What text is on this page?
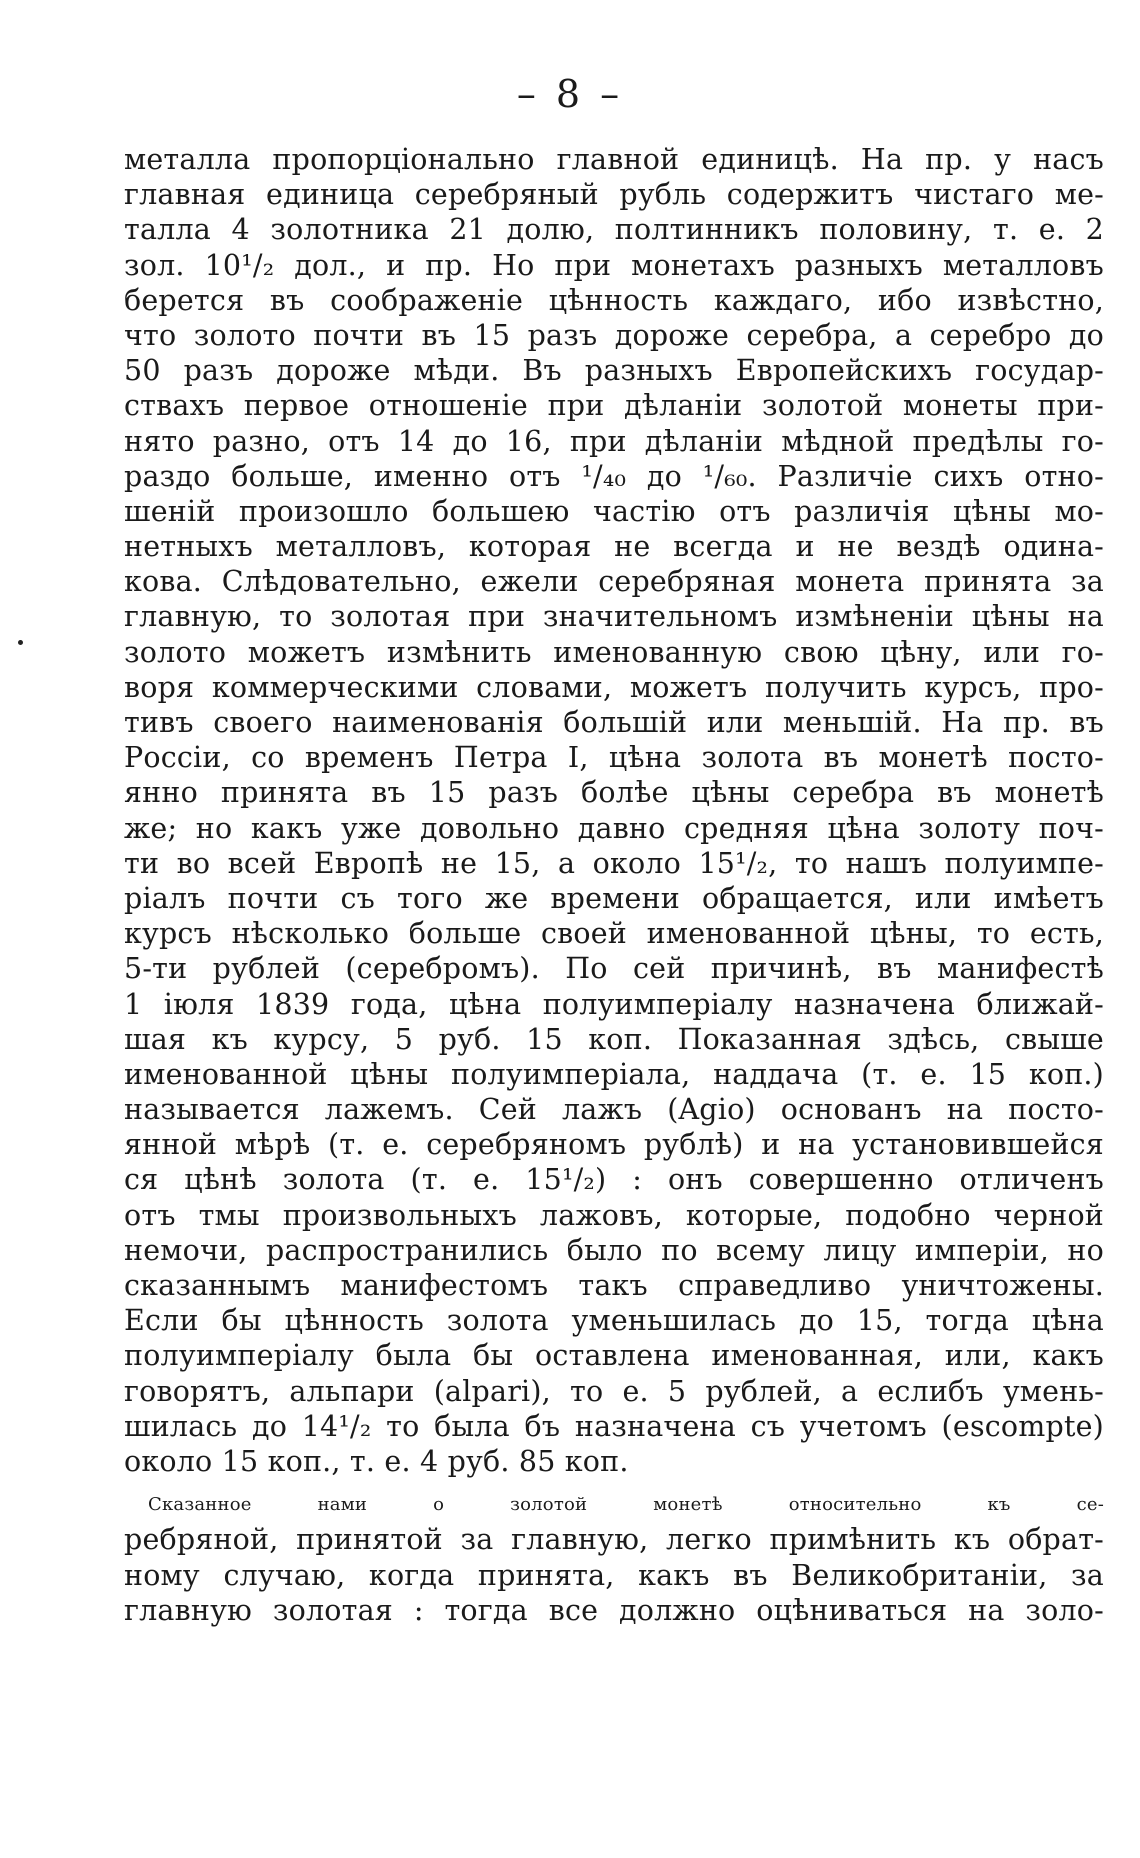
– 8 –
металла пропорціонально главной единицѣ. На пр. у насъ
главная единица серебряный рубль содержитъ чистаго ме-
талла 4 золотника 21 долю, полтинникъ половину, т. е. 2
зол. 10¹/₂ дол., и пр. Но при монетахъ разныхъ металловъ
берется въ соображеніе цѣнность каждаго, ибо извѣстно,
что золото почти въ 15 разъ дороже серебра, а серебро до
50 разъ дороже мѣди. Въ разныхъ Европейскихъ государ-
ствахъ первое отношеніе при дѣланіи золотой монеты при-
нято разно, отъ 14 до 16, при дѣланіи мѣдной предѣлы го-
раздо больше, именно отъ ¹/₄₀ до ¹/₆₀. Различіе сихъ отно-
шеній произошло большею частію отъ различія цѣны мо-
нетныхъ металловъ, которая не всегда и не вездѣ одина-
кова. Слѣдовательно, ежели серебряная монета принята за
главную, то золотая при значительномъ измѣненіи цѣны на
золото можетъ измѣнить именованную свою цѣну, или го-
воря коммерческими словами, можетъ получить курсъ, про-
тивъ своего наименованія большій или меньшій. На пр. въ
Россіи, со временъ Петра I, цѣна золота въ монетѣ посто-
янно принята въ 15 разъ болѣе цѣны серебра въ монетѣ
же; но какъ уже довольно давно средняя цѣна золоту поч-
ти во всей Европѣ не 15, а около 15¹/₂, то нашъ полуимпе-
ріалъ почти съ того же времени обращается, или имѣетъ
курсъ нѣсколько больше своей именованной цѣны, то есть,
5-ти рублей (серебромъ). По сей причинѣ, въ манифестѣ
1 іюля 1839 года, цѣна полуимперіалу назначена ближай-
шая къ курсу, 5 руб. 15 коп. Показанная здѣсь, свыше
именованной цѣны полуимперіала, наддача (т. е. 15 коп.)
называется лажемъ. Сей лажъ (Agio) основанъ на посто-
янной мѣрѣ (т. е. серебряномъ рублѣ) и на установившейся
ся цѣнѣ золота (т. е. 15¹/₂) : онъ совершенно отличенъ
отъ тмы произвольныхъ лажовъ, которые, подобно черной
немочи, распространились было по всему лицу имперіи, но
сказаннымъ манифестомъ такъ справедливо уничтожены.
Если бы цѣнность золота уменьшилась до 15, тогда цѣна
полуимперіалу была бы оставлена именованная, или, какъ
говорятъ, альпари (alpari), то е. 5 рублей, а еслибъ умень-
шилась до 14¹/₂ то была бъ назначена съ учетомъ (escompte)
около 15 коп., т. е. 4 руб. 85 коп.
Сказанное нами о золотой монетѣ относительно къ се-
ребряной, принятой за главную, легко примѣнить къ обрат-
ному случаю, когда принята, какъ въ Великобританіи, за
главную золотая : тогда все должно оцѣниваться на золо-
